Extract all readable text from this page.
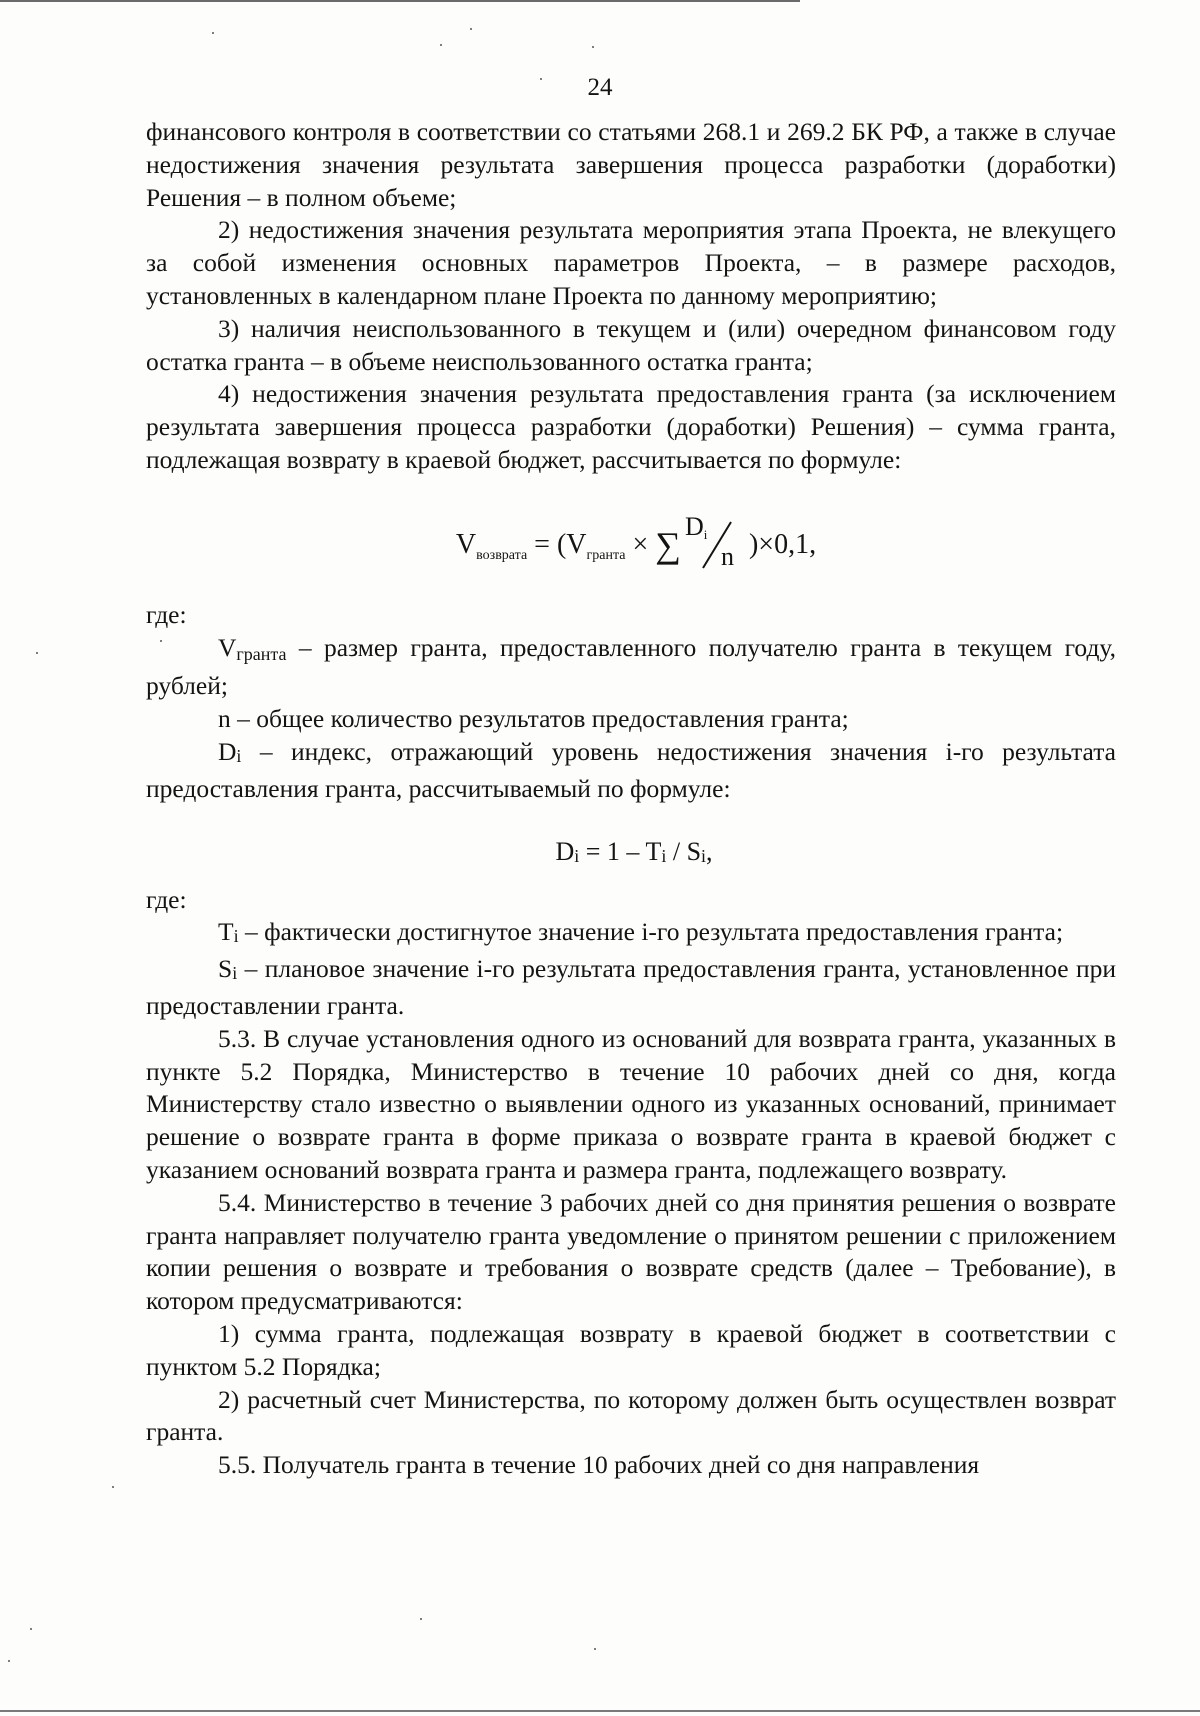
24

финансового контроля в соответствии со статьями 268.1 и 269.2 БК РФ, а также в случае недостижения значения результата завершения процесса разработки (доработки) Решения – в полном объеме;

2) недостижения значения результата мероприятия этапа Проекта, не влекущего за собой изменения основных параметров Проекта, – в размере расходов, установленных в календарном плане Проекта по данному мероприятию;

3) наличия неиспользованного в текущем и (или) очередном финансовом году остатка гранта – в объеме неиспользованного остатка гранта;

4) недостижения значения результата предоставления гранта (за исключением результата завершения процесса разработки (доработки) Решения) – сумма гранта, подлежащая возврату в краевой бюджет, рассчитывается по формуле:

$V_{возврата} = (V_{гранта}$ × ∑ $D_i$
n )×0,1,

где:

Vгранта – размер гранта, предоставленного получателю гранта в текущем году, рублей;

n – общее количество результатов предоставления гранта;

Di – индекс, отражающий уровень недостижения значения i-го результата предоставления гранта, рассчитываемый по формуле:

Di = 1 – Ti / Si,

где:

Ti – фактически достигнутое значение i-го результата предоставления гранта;

Si – плановое значение i-го результата предоставления гранта, установленное при предоставлении гранта.

5.3. В случае установления одного из оснований для возврата гранта, указанных в пункте 5.2 Порядка, Министерство в течение 10 рабочих дней со дня, когда Министерству стало известно о выявлении одного из указанных оснований, принимает решение о возврате гранта в форме приказа о возврате гранта в краевой бюджет с указанием оснований возврата гранта и размера гранта, подлежащего возврату.

5.4. Министерство в течение 3 рабочих дней со дня принятия решения о возврате гранта направляет получателю гранта уведомление о принятом решении с приложением копии решения о возврате и требования о возврате средств (далее – Требование), в котором предусматриваются:

1) сумма гранта, подлежащая возврату в краевой бюджет в соответствии с пунктом 5.2 Порядка;

2) расчетный счет Министерства, по которому должен быть осуществлен возврат гранта.

5.5. Получатель гранта в течение 10 рабочих дней со дня направления
